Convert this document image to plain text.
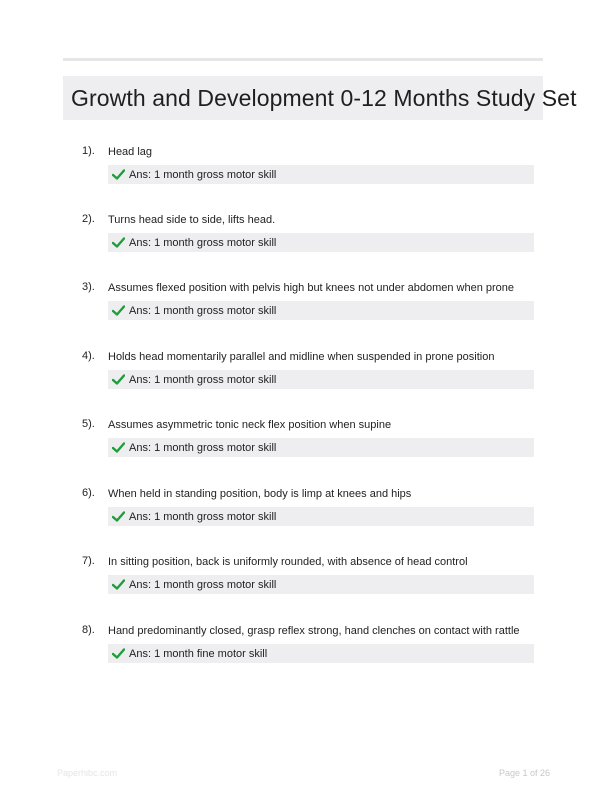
Growth and Development 0-12 Months Study Set
1). Head lag
Ans: 1 month gross motor skill
2). Turns head side to side, lifts head.
Ans: 1 month gross motor skill
3). Assumes flexed position with pelvis high but knees not under abdomen when prone
Ans: 1 month gross motor skill
4). Holds head momentarily parallel and midline when suspended in prone position
Ans: 1 month gross motor skill
5). Assumes asymmetric tonic neck flex position when supine
Ans: 1 month gross motor skill
6). When held in standing position, body is limp at knees and hips
Ans: 1 month gross motor skill
7). In sitting position, back is uniformly rounded, with absence of head control
Ans: 1 month gross motor skill
8). Hand predominantly closed, grasp reflex strong, hand clenches on contact with rattle
Ans: 1 month fine motor skill
Paperhibc.com	Page 1 of 26
